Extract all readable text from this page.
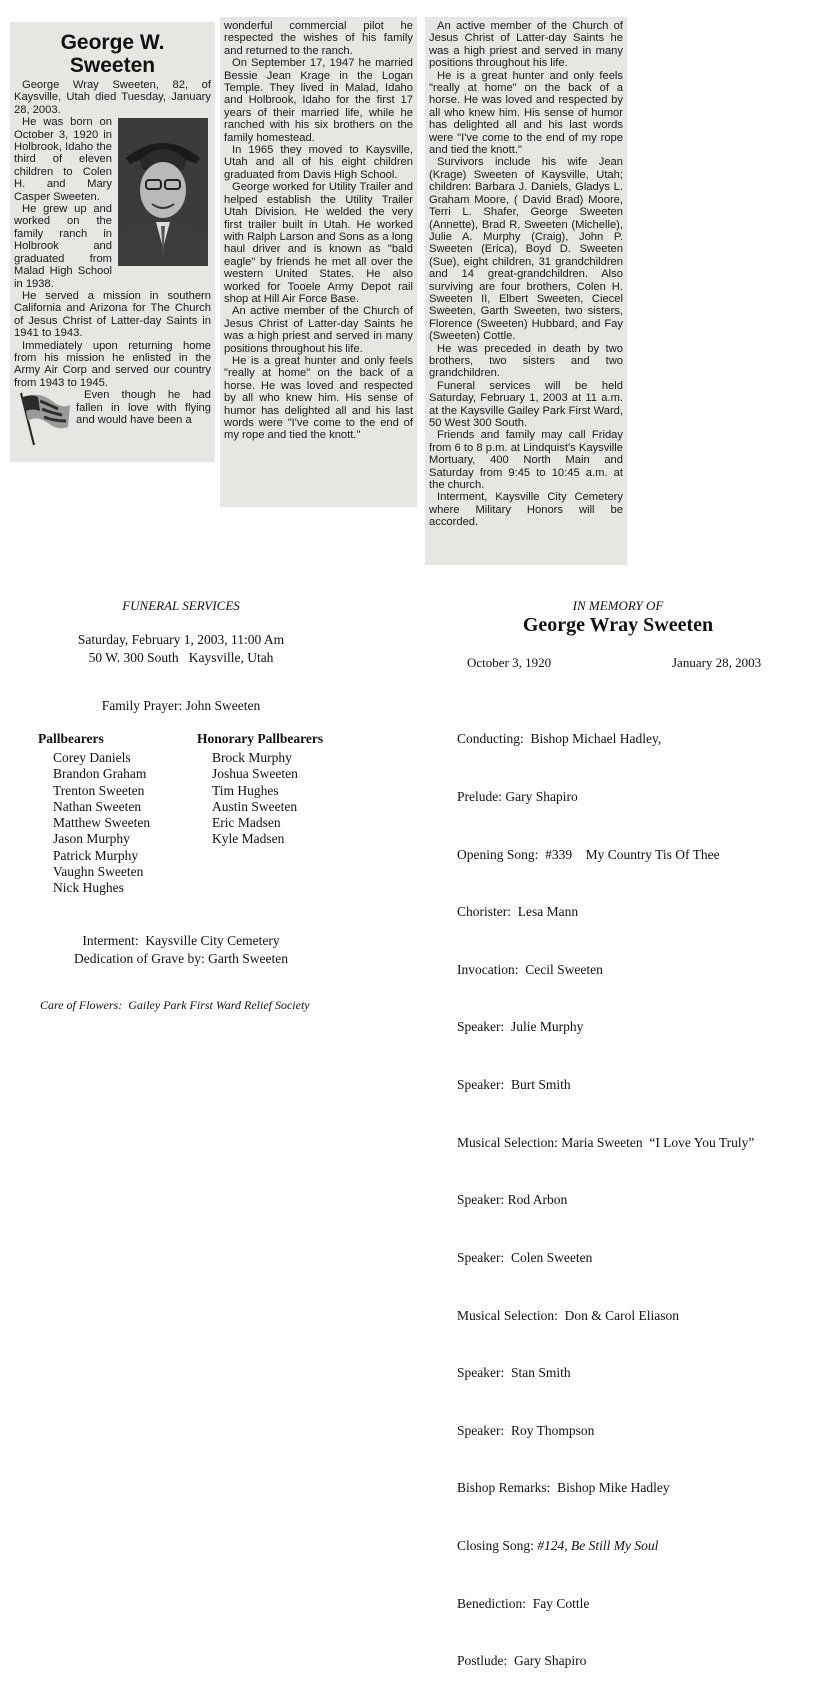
George W.
Sweeten

George Wray Sweeten, 82, of Kaysville, Utah died Tuesday, January 28, 2003.

He was born on October 3, 1920 in Holbrook, Idaho the third of eleven children to Colen H. and Mary Casper Sweeten.

He grew up and worked on the family ranch in Holbrook and graduated from Malad High School in 1938.

He served a mission in southern California and Arizona for The Church of Jesus Christ of Latter-day Saints in 1941 to 1943.

Immediately upon returning home from his mission he enlisted in the Army Air Corp and served our country from 1943 to 1945.

Even though he had fallen in love with flying and would have been a

wonderful commercial pilot he respected the wishes of his family and returned to the ranch.

On September 17, 1947 he married Bessie Jean Krage in the Logan Temple. They lived in Malad, Idaho and Holbrook, Idaho for the first 17 years of their married life, while he ranched with his six brothers on the family homestead.

In 1965 they moved to Kaysville, Utah and all of his eight children graduated from Davis High School.

George worked for Utility Trailer and helped establish the Utility Trailer Utah Division. He welded the very first trailer built in Utah. He worked with Ralph Larson and Sons as a long haul driver and is known as "bald eagle" by friends he met all over the western United States. He also worked for Tooele Army Depot rail shop at Hill Air Force Base.

An active member of the Church of Jesus Christ of Latter-day Saints he was a high priest and served in many positions throughout his life.

He is a great hunter and only feels "really at home" on the back of a horse. He was loved and respected by all who knew him. His sense of humor has delighted all and his last words were "I've come to the end of my rope and tied the knott."

An active member of the Church of Jesus Christ of Latter-day Saints he was a high priest and served in many positions throughout his life.

He is a great hunter and only feels "really at home" on the back of a horse. He was loved and respected by all who knew him. His sense of humor has delighted all and his last words were "I've come to the end of my rope and tied the knott."

Survivors include his wife Jean (Krage) Sweeten of Kaysville, Utah; children: Barbara J. Daniels, Gladys L. Graham Moore, ( David Brad) Moore, Terri L. Shafer, George Sweeten (Annette), Brad R. Sweeten (Michelle), Julie A. Murphy (Craig), John P. Sweeten (Erica), Boyd D. Sweeten (Sue), eight children, 31 grandchildren and 14 great-grandchildren. Also surviving are four brothers, Colen H. Sweeten II, Elbert Sweeten, Ciecel Sweeten, Garth Sweeten, two sisters, Florence (Sweeten) Hubbard, and Fay (Sweeten) Cottle.

He was preceded in death by two brothers, two sisters and two grandchildren.

Funeral services will be held Saturday, February 1, 2003 at 11 a.m. at the Kaysville Gailey Park First Ward, 50 West 300 South.

Friends and family may call Friday from 6 to 8 p.m. at Lindquist's Kaysville Mortuary, 400 North Main and Saturday from 9:45 to 10:45 a.m. at the church.

Interment, Kaysville City Cemetery where Military Honors will be accorded.

FUNERAL SERVICES
Saturday, February 1, 2003, 11:00 Am
50 W. 300 South   Kaysville, Utah
Family Prayer: John Sweeten
Pallbearers
Corey Daniels
Brandon Graham
Trenton Sweeten
Nathan Sweeten
Matthew Sweeten
Jason Murphy
Patrick Murphy
Vaughn Sweeten
Nick Hughes
Honorary Pallbearers
Brock Murphy
Joshua Sweeten
Tim Hughes
Austin Sweeten
Eric Madsen
Kyle Madsen
Interment:  Kaysville City Cemetery
Dedication of Grave by: Garth Sweeten
Care of Flowers:  Gailey Park First Ward Relief Society
IN MEMORY OF
George Wray Sweeten
October 3, 1920	January 28, 2003

Conducting:  Bishop Michael Hadley,

Prelude: Gary Shapiro

Opening Song:  #339    My Country Tis Of Thee

Chorister:  Lesa Mann

Invocation:  Cecil Sweeten

Speaker:  Julie Murphy

Speaker:  Burt Smith

Musical Selection: Maria Sweeten  “I Love You Truly”

Speaker: Rod Arbon

Speaker:  Colen Sweeten

Musical Selection:  Don & Carol Eliason

Speaker:  Stan Smith

Speaker:  Roy Thompson

Bishop Remarks:  Bishop Mike Hadley

Closing Song: #124, Be Still My Soul

Benediction:  Fay Cottle

Postlude:  Gary Shapiro
